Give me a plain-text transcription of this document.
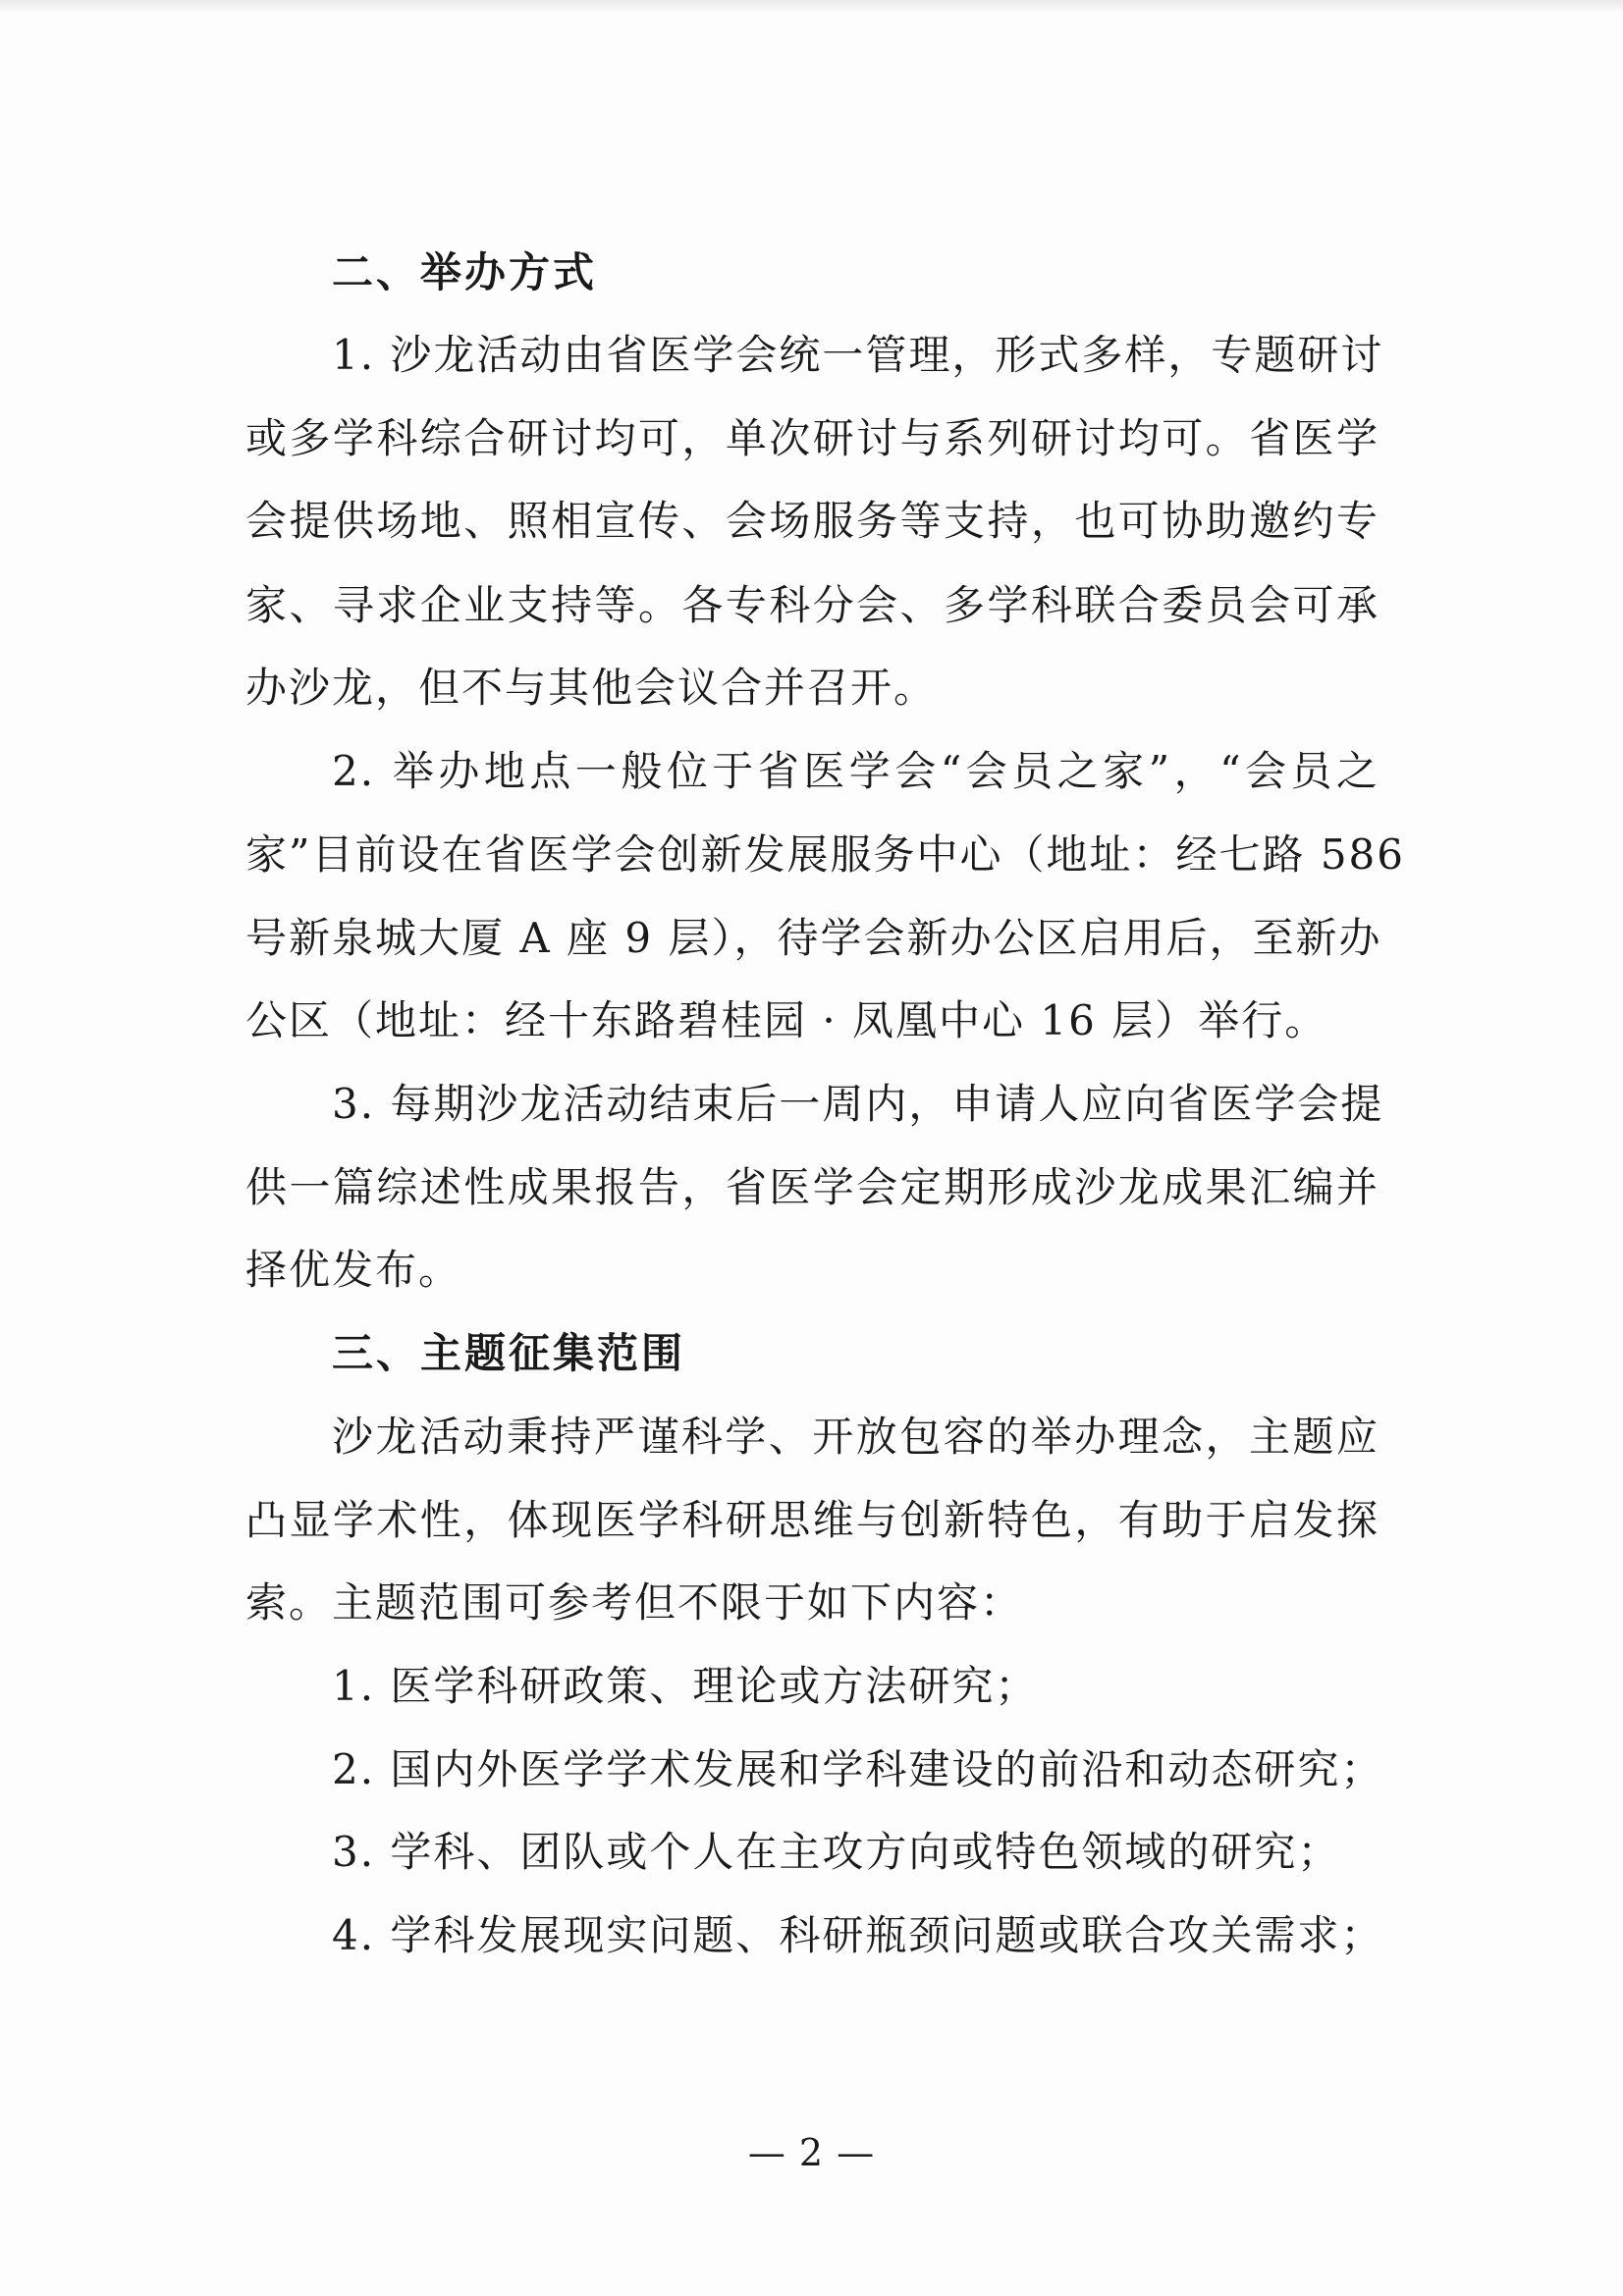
二、举办方式
1. 沙龙活动由省医学会统一管理，形式多样，专题研讨
或多学科综合研讨均可，单次研讨与系列研讨均可。省医学
会提供场地、照相宣传、会场服务等支持，也可协助邀约专
家、寻求企业支持等。各专科分会、多学科联合委员会可承
办沙龙，但不与其他会议合并召开。
2. 举办地点一般位于省医学会“会员之家”，“会员之
家”目前设在省医学会创新发展服务中心（地址：经七路 586
号新泉城大厦 A 座 9 层），待学会新办公区启用后，至新办
公区（地址：经十东路碧桂园 · 凤凰中心 16 层）举行。
3. 每期沙龙活动结束后一周内，申请人应向省医学会提
供一篇综述性成果报告，省医学会定期形成沙龙成果汇编并
择优发布。
三、主题征集范围
沙龙活动秉持严谨科学、开放包容的举办理念，主题应
凸显学术性，体现医学科研思维与创新特色，有助于启发探
索。主题范围可参考但不限于如下内容：
1. 医学科研政策、理论或方法研究；
2. 国内外医学学术发展和学科建设的前沿和动态研究；
3. 学科、团队或个人在主攻方向或特色领域的研究；
4. 学科发展现实问题、科研瓶颈问题或联合攻关需求；
— 2 —
